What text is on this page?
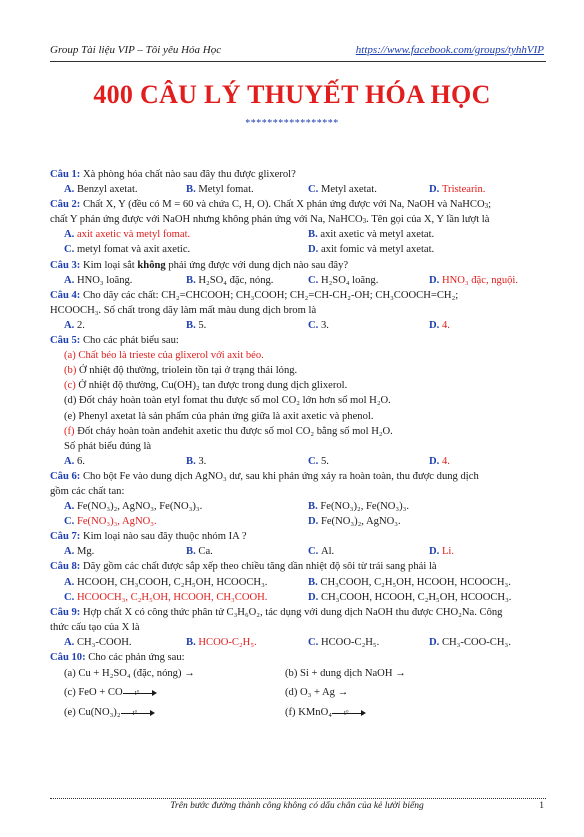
Group Tài liệu VIP – Tôi yêu Hóa Học	https://www.facebook.com/groups/tyhhVIP
400 CÂU LÝ THUYẾT HÓA HỌC
*****************
Câu 1: Xà phòng hóa chất nào sau đây thu được glixerol?
A. Benzyl axetat.	B. Metyl fomat.	C. Metyl axetat.	D. Tristearin.
Câu 2: Chất X, Y (đều có M = 60 và chứa C, H, O). Chất X phản ứng được với Na, NaOH và NaHCO3;
chất Y phản ứng được với NaOH nhưng không phản ứng với Na, NaHCO3. Tên gọi của X, Y lần lượt là
A. axit axetic và metyl fomat.	B. axit axetic và metyl axetat.
C. metyl fomat và axit axetic.	D. axit fomic và metyl axetat.
Câu 3: Kim loại sắt không phải ứng được với dung dịch nào sau đây?
A. HNO₃ loãng.	B. H₂SO₄ đặc, nóng.	C. H₂SO₄ loãng.	D. HNO₃ đặc, nguội.
Câu 4: Cho dãy các chất: CH₂=CHCOOH; CH₃COOH; CH₂=CH-CH₂-OH; CH₃COOCH=CH₂;
HCOOCH₃. Số chất trong dãy làm mất màu dung dịch brom là
A. 2.	B. 5.	C. 3.	D. 4.
Câu 5: Cho các phát biểu sau:
(a) Chất béo là trieste của glixerol với axit béo.
(b) Ở nhiệt độ thường, triolein tồn tại ở trạng thái lỏng.
(c) Ở nhiệt độ thường, Cu(OH)₂ tan được trong dung dịch glixerol.
(d) Đốt cháy hoàn toàn etyl fomat thu được số mol CO₂ lớn hơn số mol H₂O.
(e) Phenyl axetat là sản phẩm của phản ứng giữa là axit axetic và phenol.
(f) Đốt cháy hoàn toàn anđehit axetic thu được số mol CO₂ bằng số mol H₂O.
Số phát biểu đúng là
A. 6.	B. 3.	C. 5.	D. 4.
Câu 6: Cho bột Fe vào dung dịch AgNO₃ dư, sau khi phản ứng xảy ra hoàn toàn, thu được dung dịch
gồm các chất tan:
A. Fe(NO₃)₂, AgNO₃, Fe(NO₃)₃.	B. Fe(NO₃)₂, Fe(NO₃)₃.
C. Fe(NO₃)₃, AgNO₃.	D. Fe(NO₃)₂, AgNO₃.
Câu 7: Kim loại nào sau đây thuộc nhóm IA ?
A. Mg.	B. Ca.	C. Al.	D. Li.
Câu 8: Dãy gồm các chất được sắp xếp theo chiều tăng dần nhiệt độ sôi từ trái sang phải là
A. HCOOH, CH₃COOH, C₂H₅OH, HCOOCH₃.	B. CH₃COOH, C₂H₅OH, HCOOH, HCOOCH₃.
C. HCOOCH₃, C₂H₅OH, HCOOH, CH₃COOH.	D. CH₃COOH, HCOOH, C₂H₅OH, HCOOCH₃.
Câu 9: Hợp chất X có công thức phân tử C₃H₆O₂, tác dụng với dung dịch NaOH thu được CHO₂Na. Công
thức cấu tạo của X là
A. CH₃-COOH.	B. HCOO-C₂H₅.	C. HCOO-C₂H₅.	D. CH₃-COO-CH₃.
Câu 10: Cho các phản ứng sau:
(a) Cu + H₂SO₄ (đặc, nóng) →	(b) Si + dung dịch NaOH →
(c) FeO + CO t°	(d) O₃ + Ag →
(e) Cu(NO₃)₂ t°	(f) KMnO₄ t°
Trên bước đường thành công không có dấu chân của kẻ lười biếng	1
